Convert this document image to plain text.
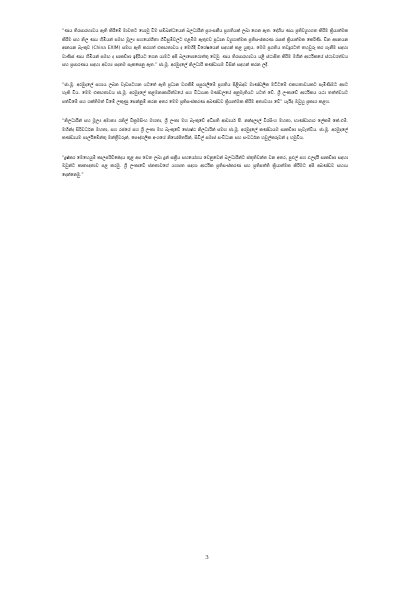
“ණය තිරසාරභාවය ඇති කිරීමේ මාවතට යොමු වීම සම්බන්ධයෙන් බලධාරීන් ප්‍රශංසනීය ප්‍රගතියක් ලබා ගෙන ඇත. දේශීය ණය ප්‍රතිව්‍යුහගත කිරීම ක්‍රියාත්මක කිරීම සහ නිල ණය හිමියන් සමඟ මූල්‍ය සහයෝගිතා ගිවිසුම්වලට එළඹීම ඇතුළුව ප්‍රධාන ව්‍යුහාත්මක ප්‍රතිසංස්කරණ රැසක් ක්‍රියාත්මක කෙරිණි. චීන අපනයන ආනයන බැංකුව (China EXIM) සමඟ ඇති කරගත් එකඟතාවය ද මෙහිදී විශේෂයෙන් සඳහන් කළ යුතුය. මෙම ප්‍රගතිය තවදුරටත් තහවුරු කර ගැනීම සඳහා වාණිජ ණය හිමියන් සමඟ ද සාකච්ඡා ඉදිරියට ගෙන යාමට අපි බලාපොරොත්තු වෙමු. ණය තිරසාරභාවය යළි ස්ථාපිත කිරීම මගින් ආර්ථිකයේ ස්ථාවරත්වය සහ ප්‍රසාරණය සඳහා අවශ්‍ය පදනම සැකසෙනු ඇත.” ජා.මූ. අරමුදලේ නිලධාරී කණ්ඩායම විසින් සඳහන් කරන ලදී.

“ජා.මූ. අරමුදලේ සහාය ලබන වැඩසටහන යටතේ ඇති ප්‍රධාන වගකීම් සපුරාලීමේ ප්‍රගතිය පිළිබඳව මාණ්ඩලික මට්ටමේ එකඟතාවයකට පැමිණීමට අපට හැකි විය. මෙම එකඟතාවය ජා.මූ. අරමුදලේ කළමනාකාරිත්වයේ සහ විධායක මණ්ඩලයේ අනුමැතියට යටත් වේ. ශ්‍රී ලංකාවේ ආර්ථිකය යථා තත්ත්වයට පත්වීමේ සහ ශක්තිමත් වීමේ ලකුණු පෙන්නුම් කරන අතර මෙම ප්‍රතිසංස්කරණ අඛණ්ඩව ක්‍රියාත්මක කිරීම අත්‍යවශ්‍ය වේ” යැයිද ඔවුහු ප්‍රකාශ කළහ.

“නිලධාරීන් සහ මූල්‍ය අමාත්‍ය රනිල් වික්‍රමසිංහ මහතා, ශ්‍රී ලංකා මහ බැංකුවේ අධිපති ආචාර්ය පී. නන්දලාල් වීරසිංහ මහතා, භාණ්ඩාගාර ලේකම් කේ.එම්. මහින්ද සිරිවර්ධන මහතා, සහ රජයේ සහ ශ්‍රී ලංකා මහ බැංකුවේ ජ්‍යෙෂ්ඨ නිලධාරීන් සමඟ ජා.මූ. අරමුදලේ කණ්ඩායම සාකච්ඡා පැවැත්වීය. ජා.මූ. අරමුදලේ කණ්ඩායම පාර්ලිමේන්තු මන්ත්‍රීවරුන්, පෞද්ගලික අංශයේ නියෝජිතයින්, සිවිල් සමාජ සංවිධාන සහ සංවර්ධන හවුල්කරුවන් ද හමුවිය.

“දුෂ්කර මෙහෙයුම් කාලපරිච්ඡේදය තුළ අප වෙත ලබා දුන් සක්‍රීය සහයෝගය වෙනුවෙන් බලධාරීන්ට ස්තූතිවන්ත වන අතර, පුළුල් සහ ඵලදායී සාකච්ඡා සඳහා ඔවුන්ට කෘතඥතාව පළ කරමු. ශ්‍රී ලංකාවේ ජනතාවගේ යහපත සඳහා ආර්ථික ප්‍රතිසංස්කරණ සහ ප්‍රතිපත්ති ක්‍රියාත්මක කිරීමට අපි අඛණ්ඩව සහාය දෙන්නෙමු.”

3
